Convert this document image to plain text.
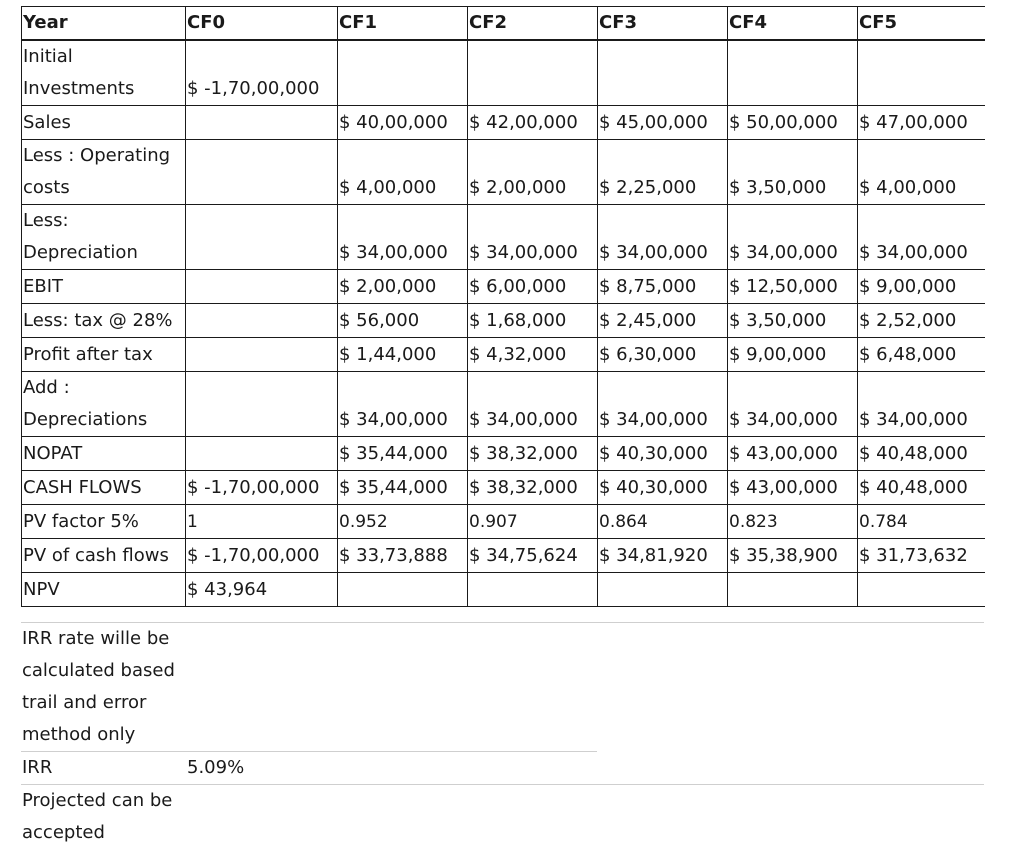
Year	CF0	CF1	CF2	CF3	CF4	CF5
Initial Investments	$ -1,70,00,000					
Sales		$ 40,00,000	$ 42,00,000	$ 45,00,000	$ 50,00,000	$ 47,00,000
Less : Operating costs		$ 4,00,000	$ 2,00,000	$ 2,25,000	$ 3,50,000	$ 4,00,000
Less: Depreciation		$ 34,00,000	$ 34,00,000	$ 34,00,000	$ 34,00,000	$ 34,00,000
EBIT		$ 2,00,000	$ 6,00,000	$ 8,75,000	$ 12,50,000	$ 9,00,000
Less: tax @ 28%		$ 56,000	$ 1,68,000	$ 2,45,000	$ 3,50,000	$ 2,52,000
Profit after tax		$ 1,44,000	$ 4,32,000	$ 6,30,000	$ 9,00,000	$ 6,48,000
Add : Depreciations		$ 34,00,000	$ 34,00,000	$ 34,00,000	$ 34,00,000	$ 34,00,000
NOPAT		$ 35,44,000	$ 38,32,000	$ 40,30,000	$ 43,00,000	$ 40,48,000
CASH FLOWS	$ -1,70,00,000	$ 35,44,000	$ 38,32,000	$ 40,30,000	$ 43,00,000	$ 40,48,000
PV factor 5%	1	0.952	0.907	0.864	0.823	0.784
PV of cash flows	$ -1,70,00,000	$ 33,73,888	$ 34,75,624	$ 34,81,920	$ 35,38,900	$ 31,73,632
NPV	$ 43,964					
IRR rate wille be calculated based trail and error method only
IRR	5.09%
Projected can be accepted
